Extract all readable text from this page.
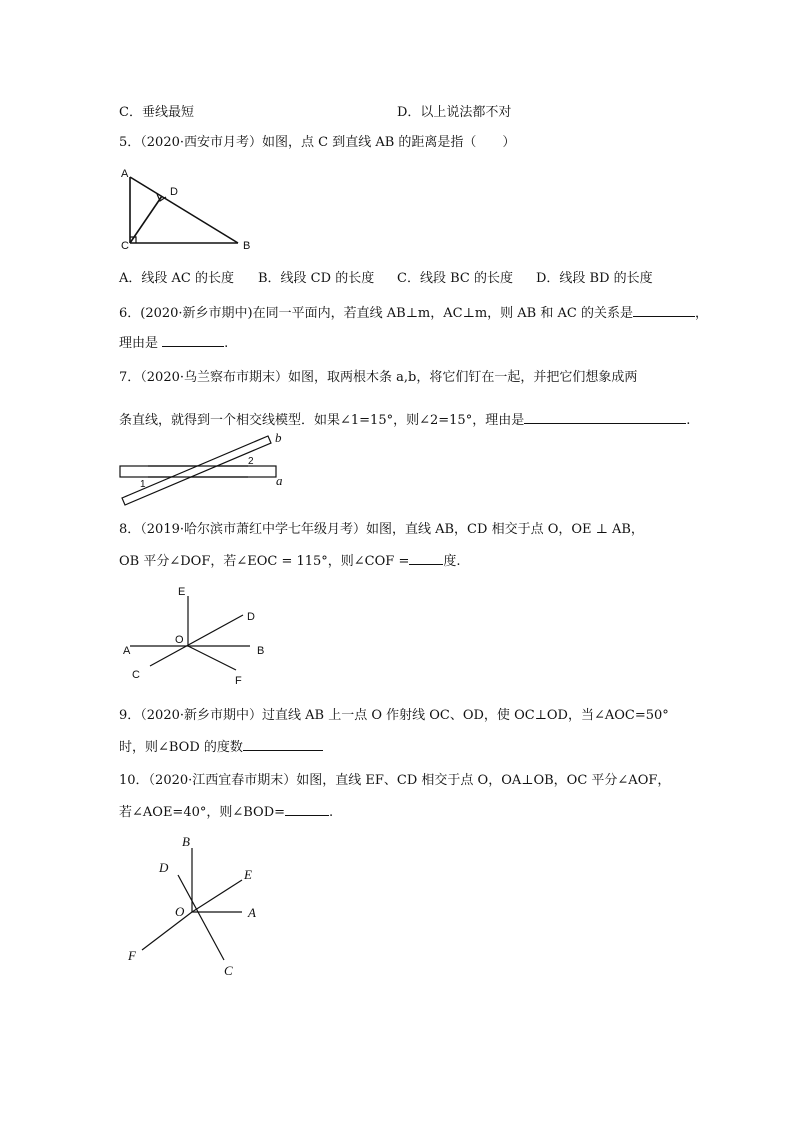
C．垂线最短	D．以上说法都不对
5．（2020·西安市月考）如图，点 C 到直线 AB 的距离是指（　　）
A
D
C	B
A．线段 AC 的长度 B．线段 CD 的长度 C．线段 BC 的长度 D．线段 BD 的长度
6．(2020·新乡市期中)在同一平面内，若直线 AB⊥m，AC⊥m，则 AB 和 AC 的关系是	，
理由是	.
7．（2020·乌兰察布市期末）如图，取两根木条 a,b，将它们钉在一起，并把它们想象成两
条直线，就得到一个相交线模型．如果∠1=15°，则∠2=15°，理由是	.
b
a
1
2
8．（2019·哈尔滨市萧红中学七年级月考）如图，直线 AB，CD 相交于点 O，OE ⊥ AB，
OB 平分∠DOF，若∠EOC = 115°，则∠COF =	度.
E
D
O
A	B
C	F
9．（2020·新乡市期中）过直线 AB 上一点 O 作射线 OC、OD，使 OC⊥OD，当∠AOC=50°
时，则∠BOD 的度数
10．（2020·江西宜春市期末）如图，直线 EF、CD 相交于点 O，OA⊥OB，OC 平分∠AOF，
若∠AOE=40°，则∠BOD=	.
B
D	E
O	A
F
C
